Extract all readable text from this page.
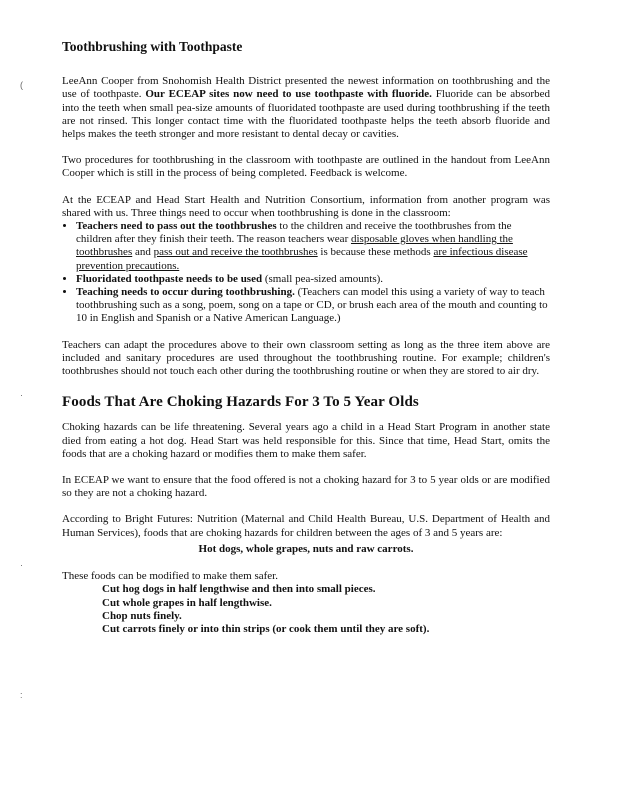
(
·
·
:
Toothbrushing with Toothpaste

LeeAnn Cooper from Snohomish Health District presented the newest information on toothbrushing and the use of toothpaste. Our ECEAP sites now need to use toothpaste with fluoride. Fluoride can be absorbed into the teeth when small pea-size amounts of fluoridated toothpaste are used during toothbrushing if the teeth are not rinsed. This longer contact time with the fluoridated toothpaste helps the teeth absorb fluoride and helps makes the teeth stronger and more resistant to dental decay or cavities.

Two procedures for toothbrushing in the classroom with toothpaste are outlined in the handout from LeeAnn Cooper which is still in the process of being completed. Feedback is welcome.

At the ECEAP and Head Start Health and Nutrition Consortium, information from another program was shared with us. Three things need to occur when toothbrushing is done in the classroom:

• Teachers need to pass out the toothbrushes to the children and receive the toothbrushes from the children after they finish their teeth. The reason teachers wear disposable gloves when handling the toothbrushes and pass out and receive the toothbrushes is because these methods are infectious disease prevention precautions.
• Fluoridated toothpaste needs to be used (small pea-sized amounts).
• Teaching needs to occur during toothbrushing. (Teachers can model this using a variety of way to teach toothbrushing such as a song, poem, song on a tape or CD, or brush each area of the mouth and counting to 10 in English and Spanish or a Native American Language.)

Teachers can adapt the procedures above to their own classroom setting as long as the three item above are included and sanitary procedures are used throughout the toothbrushing routine. For example; children's toothbrushes should not touch each other during the toothbrushing routine or when they are stored to air dry.

Foods That Are Choking Hazards For 3 To 5 Year Olds

Choking hazards can be life threatening. Several years ago a child in a Head Start Program in another state died from eating a hot dog. Head Start was held responsible for this. Since that time, Head Start, omits the foods that are a choking hazard or modifies them to make them safer.

In ECEAP we want to ensure that the food offered is not a choking hazard for 3 to 5 year olds or are modified so they are not a choking hazard.

According to Bright Futures: Nutrition (Maternal and Child Health Bureau, U.S. Department of Health and Human Services), foods that are choking hazards for children between the ages of 3 and 5 years are:

Hot dogs, whole grapes, nuts and raw carrots.

These foods can be modified to make them safer.

Cut hog dogs in half lengthwise and then into small pieces.
Cut whole grapes in half lengthwise.
Chop nuts finely.
Cut carrots finely or into thin strips (or cook them until they are soft).
